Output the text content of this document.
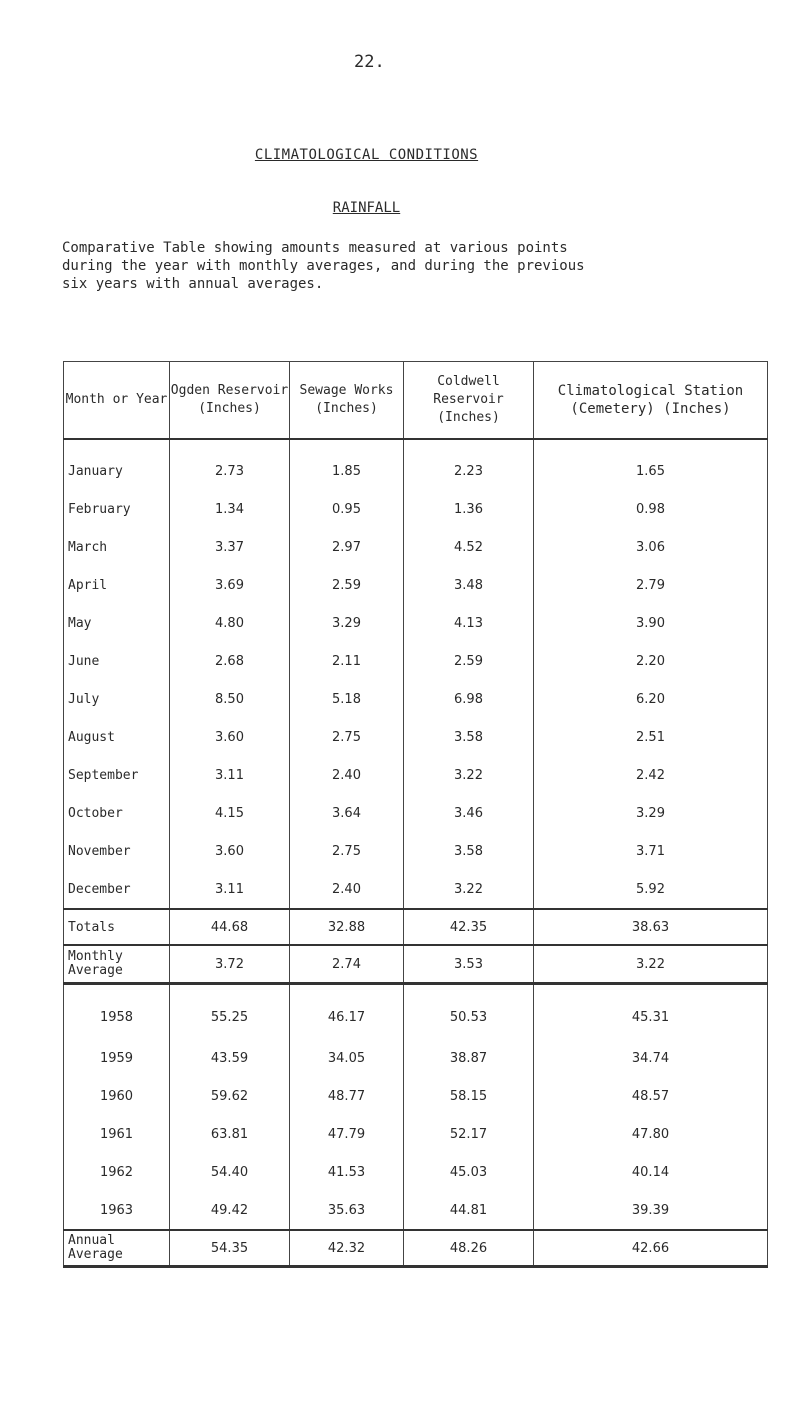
22.
CLIMATOLOGICAL CONDITIONS
RAINFALL
Comparative Table showing amounts measured at various points
during the year with monthly averages, and during the previous
six years with annual averages.
Month or Year	Ogden Reservoir (Inches)	Sewage Works (Inches)	Coldwell Reservoir (Inches)	Climatological Station (Cemetery) (Inches)
January	2.73	1.85	2.23	1.65
February	1.34	0.95	1.36	0.98
March	3.37	2.97	4.52	3.06
April	3.69	2.59	3.48	2.79
May	4.80	3.29	4.13	3.90
June	2.68	2.11	2.59	2.20
July	8.50	5.18	6.98	6.20
August	3.60	2.75	3.58	2.51
September	3.11	2.40	3.22	2.42
October	4.15	3.64	3.46	3.29
November	3.60	2.75	3.58	3.71
December	3.11	2.40	3.22	5.92
Totals	44.68	32.88	42.35	38.63
Monthly Average	3.72	2.74	3.53	3.22
1958	55.25	46.17	50.53	45.31
1959	43.59	34.05	38.87	34.74
1960	59.62	48.77	58.15	48.57
1961	63.81	47.79	52.17	47.80
1962	54.40	41.53	45.03	40.14
1963	49.42	35.63	44.81	39.39
Annual Average	54.35	42.32	48.26	42.66
